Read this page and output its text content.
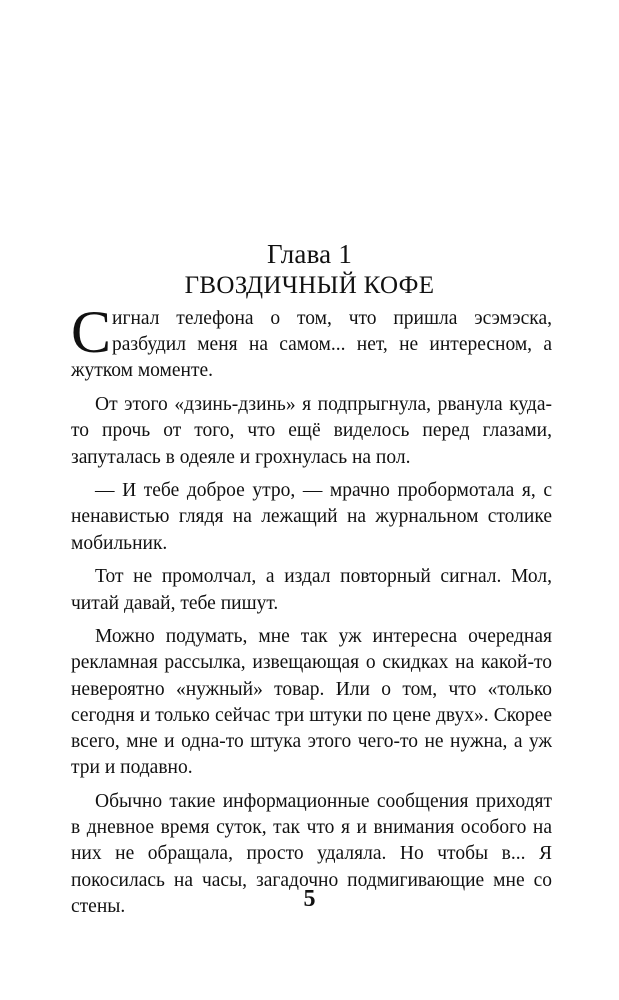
Глава 1
ГВОЗДИЧНЫЙ КОФЕ

Сигнал телефона о том, что пришла эсэмэска, разбудил меня на самом... нет, не интересном, а жутком моменте.

От этого «дзинь-дзинь» я подпрыгнула, рванула куда-то прочь от того, что ещё виделось перед глазами, запуталась в одеяле и грохнулась на пол.

— И тебе доброе утро, — мрачно пробормотала я, с ненавистью глядя на лежащий на журнальном столике мобильник.

Тот не промолчал, а издал повторный сигнал. Мол, читай давай, тебе пишут.

Можно подумать, мне так уж интересна очередная рекламная рассылка, извещающая о скидках на какой-то невероятно «нужный» товар. Или о том, что «только сегодня и только сейчас три штуки по цене двух». Скорее всего, мне и одна-то штука этого чего-то не нужна, а уж три и подавно.

Обычно такие информационные сообщения приходят в дневное время суток, так что я и внимания особого на них не обращала, просто удаляла. Но чтобы в... Я покосилась на часы, загадочно подмигивающие мне со стены.	5
